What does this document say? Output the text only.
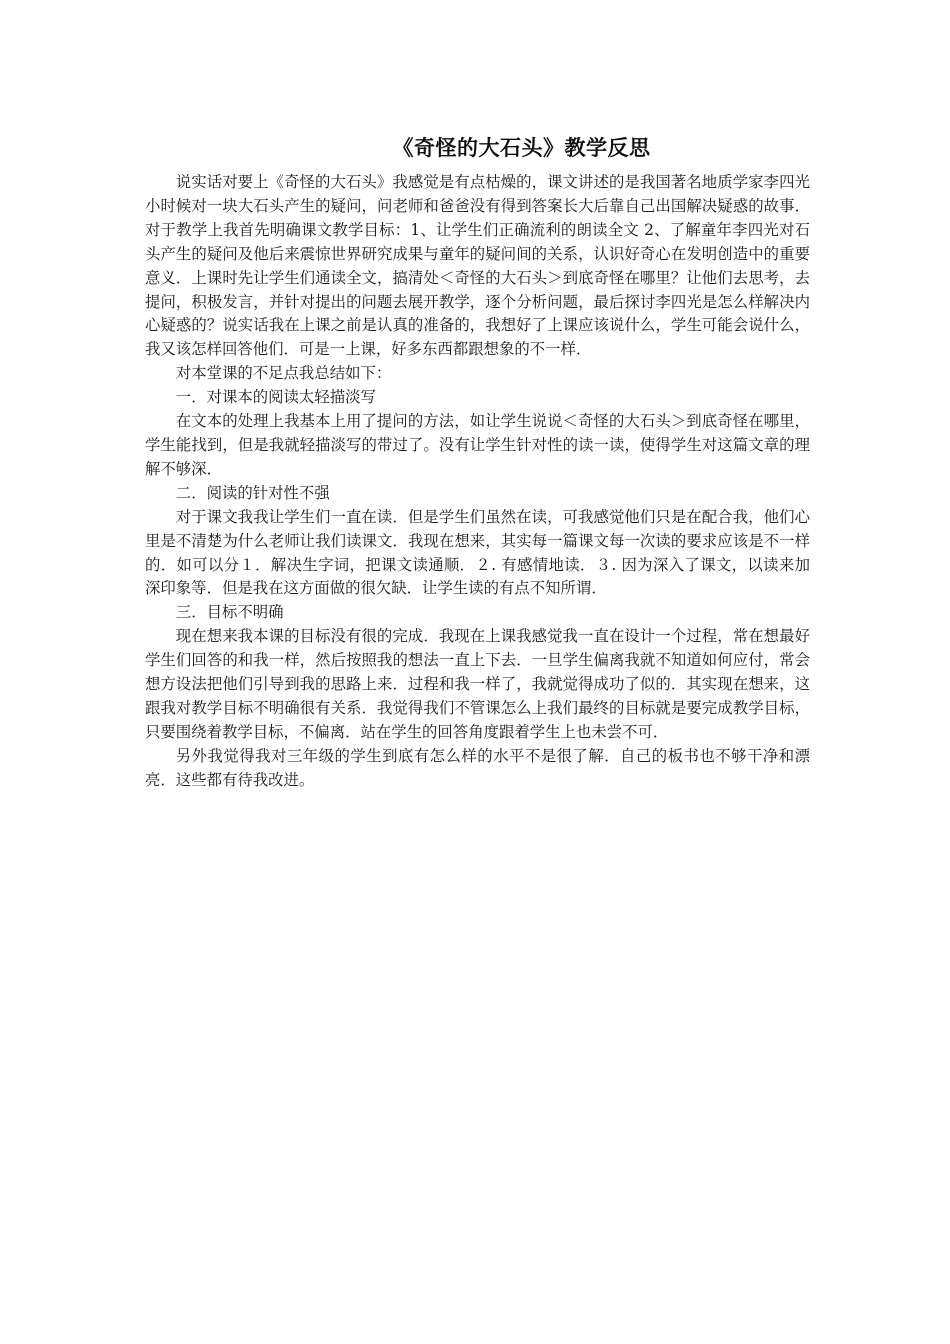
《奇怪的大石头》教学反思

说实话对要上《奇怪的大石头》我感觉是有点枯燥的，课文讲述的是我国著名地质学家李四光小时候对一块大石头产生的疑问，问老师和爸爸没有得到答案长大后靠自己出国解决疑惑的故事．对于教学上我首先明确课文教学目标：1、让学生们正确流利的朗读全文 2、了解童年李四光对石头产生的疑问及他后来震惊世界研究成果与童年的疑问间的关系，认识好奇心在发明创造中的重要意义．上课时先让学生们通读全文，搞清处＜奇怪的大石头＞到底奇怪在哪里？让他们去思考，去提问，积极发言，并针对提出的问题去展开教学，逐个分析问题，最后探讨李四光是怎么样解决内心疑惑的？说实话我在上课之前是认真的准备的，我想好了上课应该说什么，学生可能会说什么，我又该怎样回答他们．可是一上课，好多东西都跟想象的不一样．

对本堂课的不足点我总结如下：

一．对课本的阅读太轻描淡写

在文本的处理上我基本上用了提问的方法，如让学生说说＜奇怪的大石头＞到底奇怪在哪里，学生能找到，但是我就轻描淡写的带过了。没有让学生针对性的读一读，使得学生对这篇文章的理解不够深．

二．阅读的针对性不强

对于课文我我让学生们一直在读．但是学生们虽然在读，可我感觉他们只是在配合我，他们心里是不清楚为什么老师让我们读课文．我现在想来，其实每一篇课文每一次读的要求应该是不一样的．如可以分１．解决生字词，把课文读通顺．２. 有感情地读．３. 因为深入了课文，以读来加深印象等．但是我在这方面做的很欠缺．让学生读的有点不知所谓．

三．目标不明确

现在想来我本课的目标没有很的完成．我现在上课我感觉我一直在设计一个过程，常在想最好学生们回答的和我一样，然后按照我的想法一直上下去．一旦学生偏离我就不知道如何应付，常会想方设法把他们引导到我的思路上来．过程和我一样了，我就觉得成功了似的．其实现在想来，这跟我对教学目标不明确很有关系．我觉得我们不管课怎么上我们最终的目标就是要完成教学目标，只要围绕着教学目标，不偏离．站在学生的回答角度跟着学生上也未尝不可．

另外我觉得我对三年级的学生到底有怎么样的水平不是很了解．自己的板书也不够干净和漂亮．这些都有待我改进。
